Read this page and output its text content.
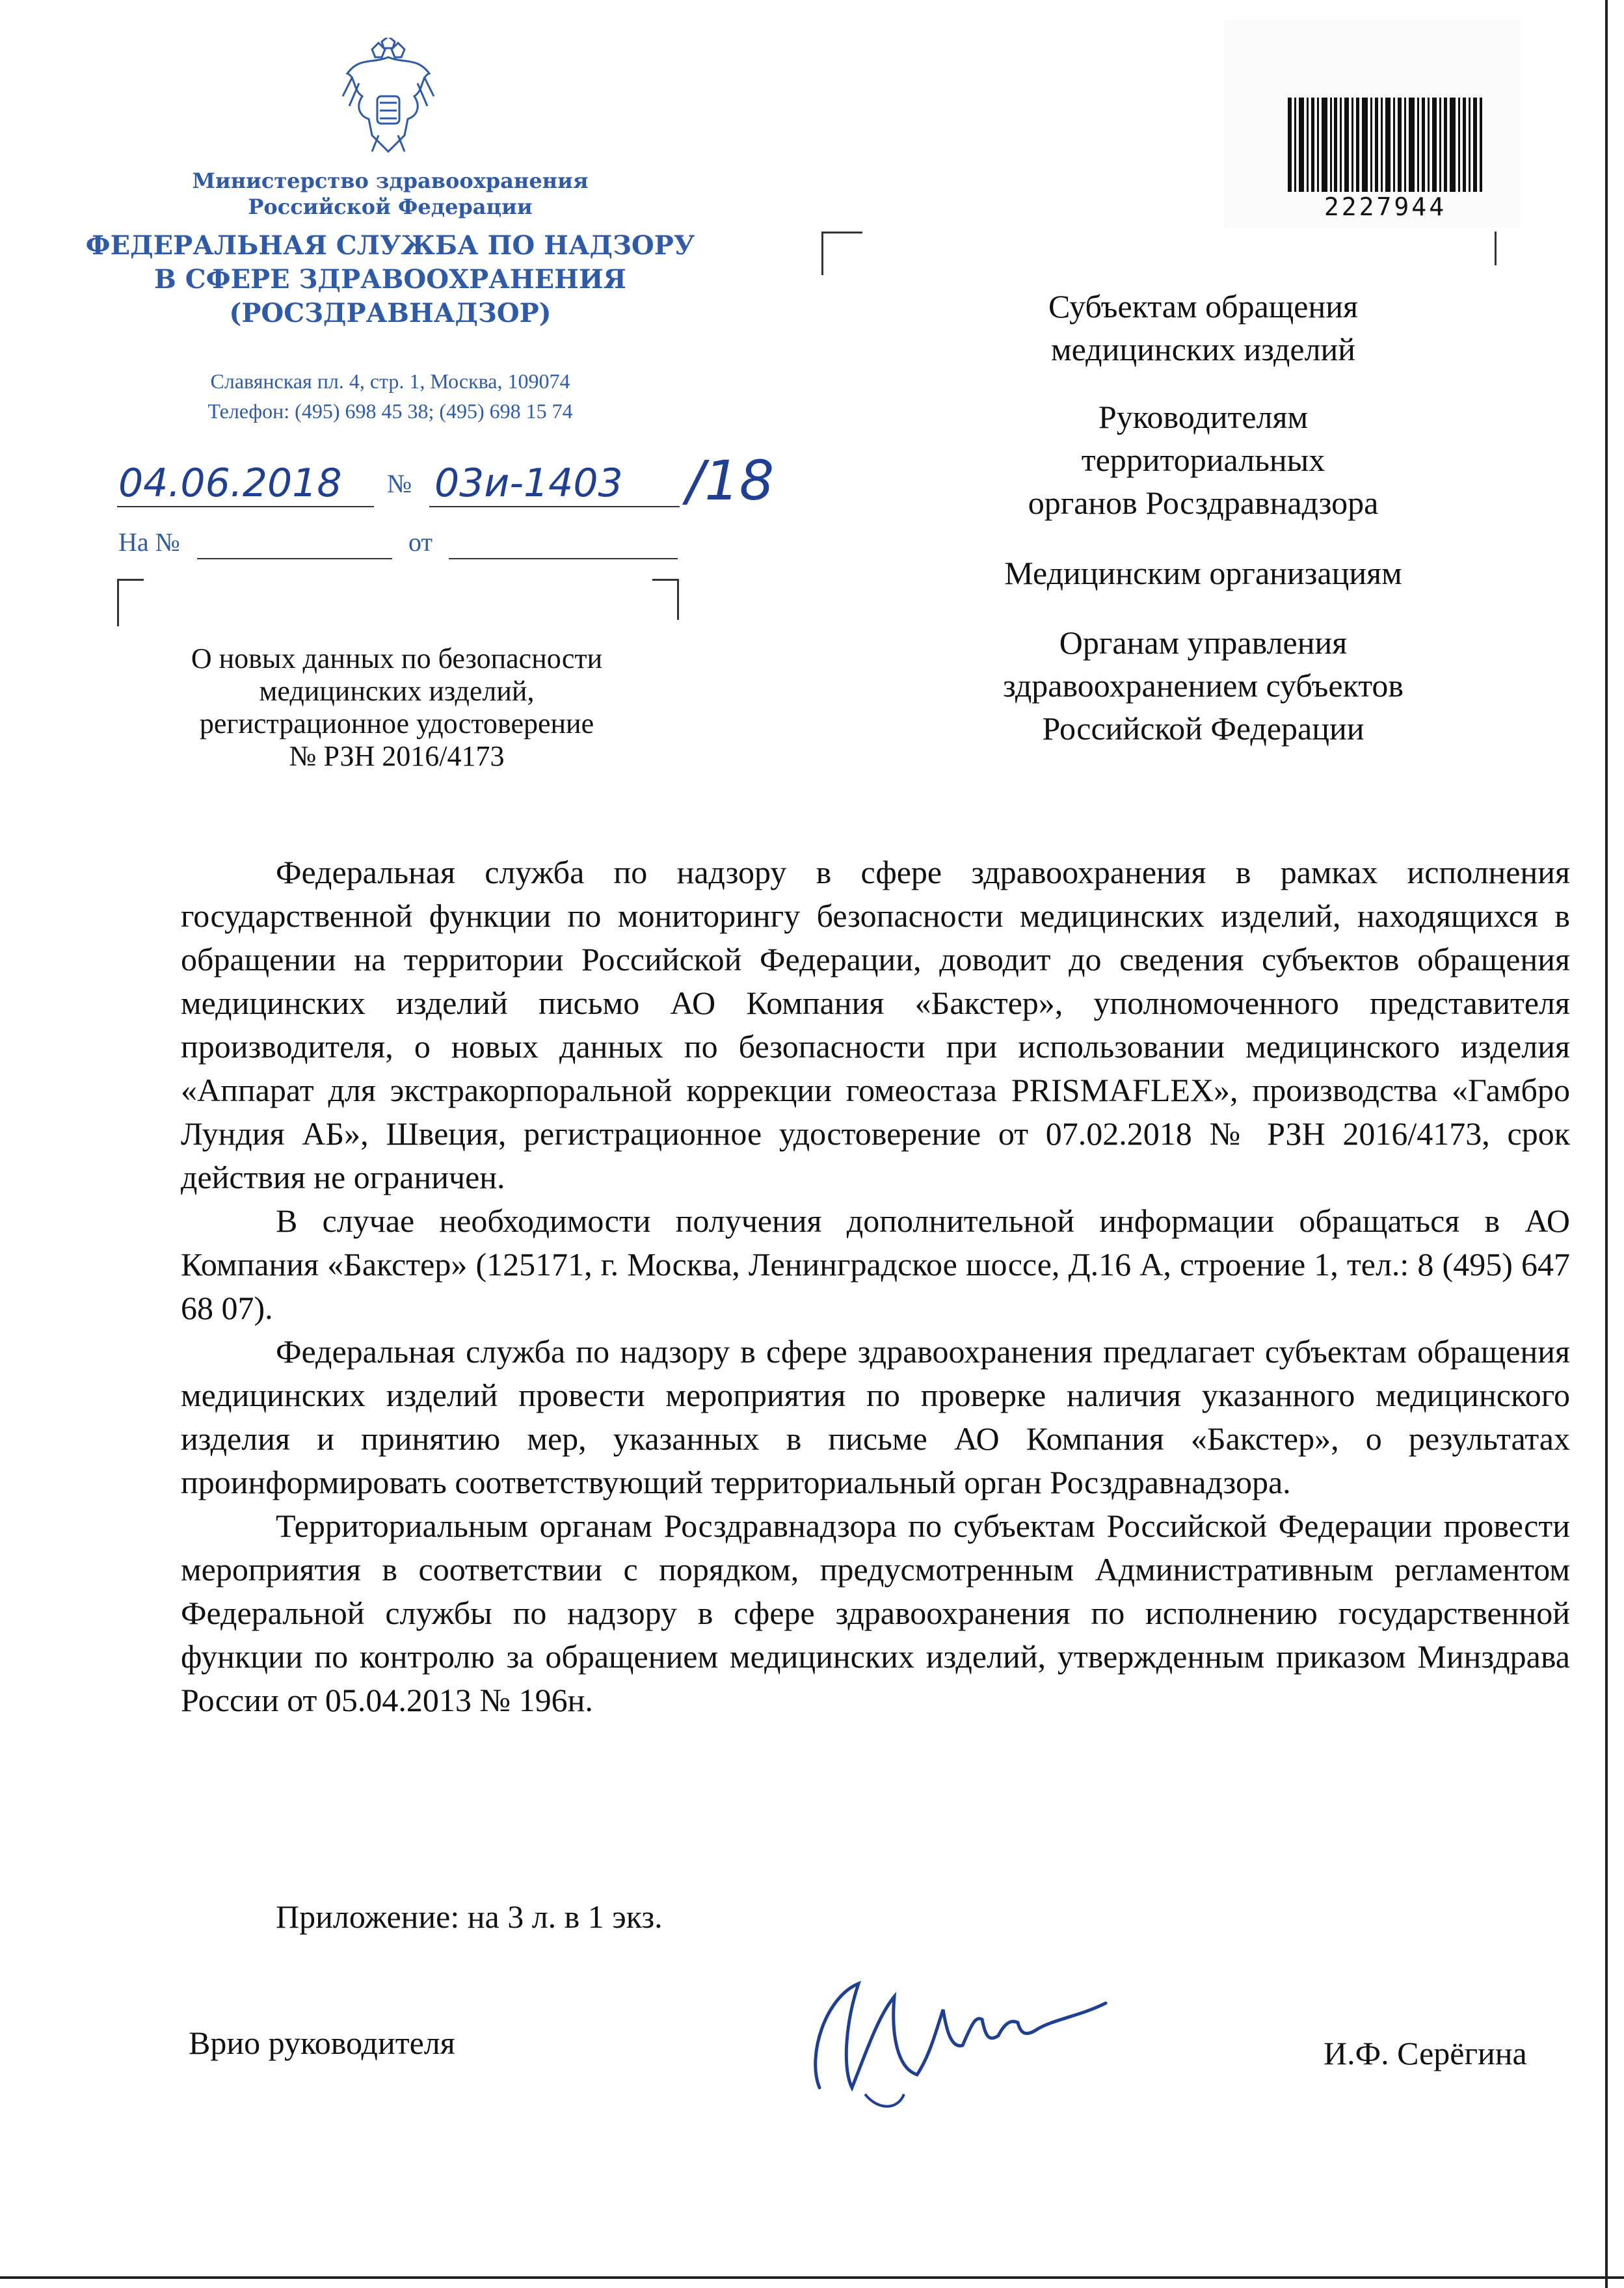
Министерство здравоохранения
Российской Федерации
ФЕДЕРАЛЬНАЯ СЛУЖБА ПО НАДЗОРУ
В СФЕРЕ ЗДРАВООХРАНЕНИЯ
(РОСЗДРАВНАДЗОР)
Славянская пл. 4, стр. 1, Москва, 109074
Телефон: (495) 698 45 38; (495) 698 15 74
04.06.2018 № 03и-1403 /18
На №	от
2227944
О новых данных по безопасности
медицинских изделий,
регистрационное удостоверение
№ РЗН 2016/4173
Субъектам обращения
медицинских изделий
Руководителям
территориальных
органов Росздравнадзора
Медицинским организациям
Органам управления
здравоохранением субъектов
Российской Федерации

Федеральная служба по надзору в сфере здравоохранения в рамках исполнения государственной функции по мониторингу безопасности медицинских изделий, находящихся в обращении на территории Российской Федерации, доводит до сведения субъектов обращения медицинских изделий письмо АО Компания «Бакстер», уполномоченного представителя производителя, о новых данных по безопасности при использовании медицинского изделия «Аппарат для экстракорпоральной коррекции гомеостаза PRISMAFLEX», производства «Гамбро Лундия АБ», Швеция, регистрационное удостоверение от 07.02.2018 № РЗН 2016/4173, срок действия не ограничен.

В случае необходимости получения дополнительной информации обращаться в АО Компания «Бакстер» (125171, г. Москва, Ленинградское шоссе, Д.16 А, строение 1, тел.: 8 (495) 647 68 07).

Федеральная служба по надзору в сфере здравоохранения предлагает субъектам обращения медицинских изделий провести мероприятия по проверке наличия указанного медицинского изделия и принятию мер, указанных в письме АО Компания «Бакстер», о результатах проинформировать соответствующий территориальный орган Росздравнадзора.

Территориальным органам Росздравнадзора по субъектам Российской Федерации провести мероприятия в соответствии с порядком, предусмотренным Административным регламентом Федеральной службы по надзору в сфере здравоохранения по исполнению государственной функции по контролю за обращением медицинских изделий, утвержденным приказом Минздрава России от 05.04.2013 № 196н.

Приложение: на 3 л. в 1 экз.
Врио руководителя	И.Ф. Серёгина
